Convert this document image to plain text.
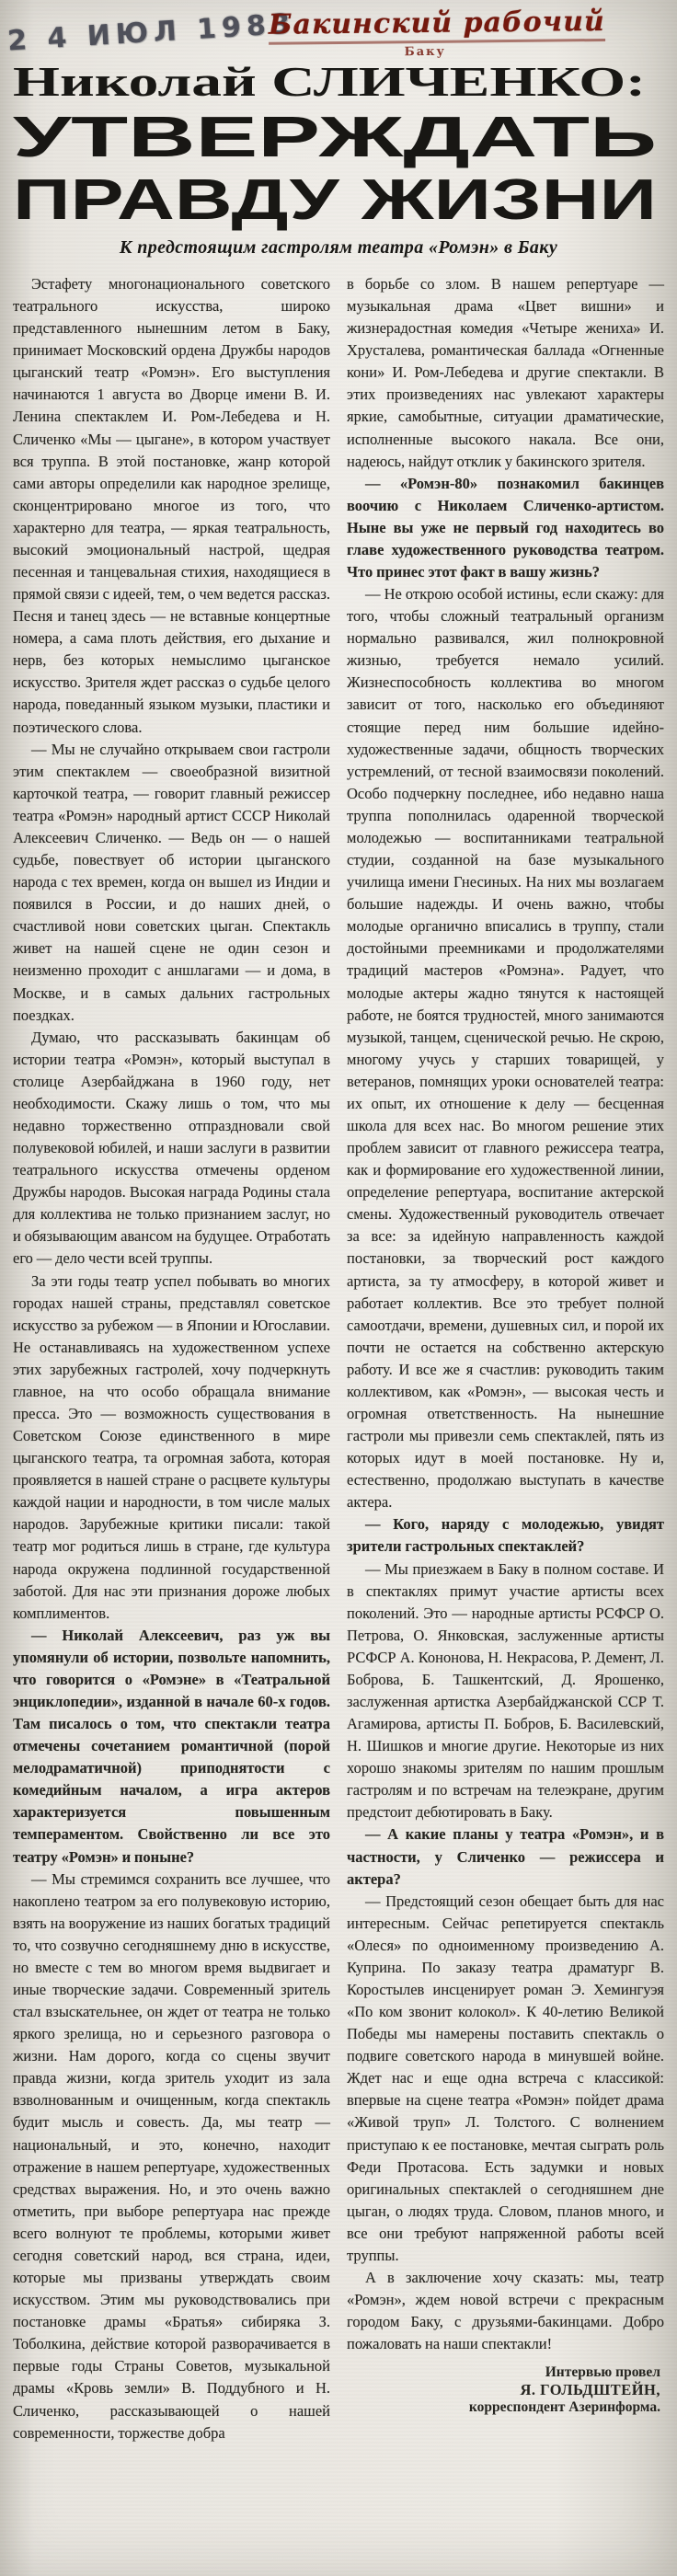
2 4 ИЮЛ 1983
Бакинский рабочий
Баку
Николай СЛИЧЕНКО:
УТВЕРЖДАТЬ
ПРАВДУ ЖИЗНИ
К предстоящим гастролям театра «Ромэн» в Баку

Эстафету многонационального советского театрального искусства, широко представленного нынешним летом в Баку, принимает Московский ордена Дружбы народов цыганский театр «Ромэн». Его выступления начинаются 1 августа во Дворце имени В. И. Ленина спектаклем И. Ром-Лебедева и Н. Сличенко «Мы — цыгане», в котором участвует вся труппа. В этой постановке, жанр которой сами авторы определили как народное зрелище, сконцентрировано многое из того, что характерно для театра, — яркая театральность, высокий эмоциональный настрой, щедрая песенная и танцевальная стихия, находящиеся в прямой связи с идеей, тем, о чем ведется рассказ. Песня и танец здесь — не вставные концертные номера, а сама плоть действия, его дыхание и нерв, без которых немыслимо цыганское искусство. Зрителя ждет рассказ о судьбе целого народа, поведанный языком музыки, пластики и поэтического слова.

— Мы не случайно открываем свои гастроли этим спектаклем — своеобразной визитной карточкой театра, — говорит главный режиссер театра «Ромэн» народный артист СССР Николай Алексеевич Сличенко. — Ведь он — о нашей судьбе, повествует об истории цыганского народа с тех времен, когда он вышел из Индии и появился в России, и до наших дней, о счастливой нови советских цыган. Спектакль живет на нашей сцене не один сезон и неизменно проходит с аншлагами — и дома, в Москве, и в самых дальних гастрольных поездках.

Думаю, что рассказывать бакинцам об истории театра «Ромэн», который выступал в столице Азербайджана в 1960 году, нет необходимости. Скажу лишь о том, что мы недавно торжественно отпраздновали свой полувековой юбилей, и наши заслуги в развитии театрального искусства отмечены орденом Дружбы народов. Высокая награда Родины стала для коллектива не только признанием заслуг, но и обязывающим авансом на будущее. Отработать его — дело чести всей труппы.

За эти годы театр успел побывать во многих городах нашей страны, представлял советское искусство за рубежом — в Японии и Югославии. Не останавливаясь на художественном успехе этих зарубежных гастролей, хочу подчеркнуть главное, на что особо обращала внимание пресса. Это — возможность существования в Советском Союзе единственного в мире цыганского театра, та огромная забота, которая проявляется в нашей стране о расцвете культуры каждой нации и народности, в том числе малых народов. Зарубежные критики писали: такой театр мог родиться лишь в стране, где культура народа окружена подлинной государственной заботой. Для нас эти признания дороже любых комплиментов.

— Николай Алексеевич, раз уж вы упомянули об истории, позвольте напомнить, что говорится о «Ромэне» в «Театральной энциклопедии», изданной в начале 60-х годов. Там писалось о том, что спектакли театра отмечены сочетанием романтичной (порой мелодраматичной) приподнятости с комедийным началом, а игра актеров характеризуется повышенным темпераментом. Свойственно ли все это театру «Ромэн» и поныне?

— Мы стремимся сохранить все лучшее, что накоплено театром за его полувековую историю, взять на вооружение из наших богатых традиций то, что созвучно сегодняшнему дню в искусстве, но вместе с тем во многом время выдвигает и иные творческие задачи. Современный зритель стал взыскательнее, он ждет от театра не только яркого зрелища, но и серьезного разговора о жизни. Нам дорого, когда со сцены звучит правда жизни, когда зритель уходит из зала взволнованным и очищенным, когда спектакль будит мысль и совесть. Да, мы театр — национальный, и это, конечно, находит отражение в нашем репертуаре, художественных средствах выражения. Но, и это очень важно отметить, при выборе репертуара нас прежде всего волнуют те проблемы, которыми живет сегодня советский народ, вся страна, идеи, которые мы призваны утверждать своим искусством. Этим мы руководствовались при постановке драмы «Братья» сибиряка З. Тоболкина, действие которой разворачивается в первые годы Страны Советов, музыкальной драмы «Кровь земли» В. Поддубного и Н. Сличенко, рассказывающей о нашей современности, торжестве добра

в борьбе со злом. В нашем репертуаре — музыкальная драма «Цвет вишни» и жизнерадостная комедия «Четыре жениха» И. Хрусталева, романтическая баллада «Огненные кони» И. Ром-Лебедева и другие спектакли. В этих произведениях нас увлекают характеры яркие, самобытные, ситуации драматические, исполненные высокого накала. Все они, надеюсь, найдут отклик у бакинского зрителя.

— «Ромэн-80» познакомил бакинцев воочию с Николаем Сличенко-артистом. Ныне вы уже не первый год находитесь во главе художественного руководства театром. Что принес этот факт в вашу жизнь?

— Не открою особой истины, если скажу: для того, чтобы сложный театральный организм нормально развивался, жил полнокровной жизнью, требуется немало усилий. Жизнеспособность коллектива во многом зависит от того, насколько его объединяют стоящие перед ним большие идейно-художественные задачи, общность творческих устремлений, от тесной взаимосвязи поколений. Особо подчеркну последнее, ибо недавно наша труппа пополнилась одаренной творческой молодежью — воспитанниками театральной студии, созданной на базе музыкального училища имени Гнесиных. На них мы возлагаем большие надежды. И очень важно, чтобы молодые органично вписались в труппу, стали достойными преемниками и продолжателями традиций мастеров «Ромэна». Радует, что молодые актеры жадно тянутся к настоящей работе, не боятся трудностей, много занимаются музыкой, танцем, сценической речью. Не скрою, многому учусь у старших товарищей, у ветеранов, помнящих уроки основателей театра: их опыт, их отношение к делу — бесценная школа для всех нас. Во многом решение этих проблем зависит от главного режиссера театра, как и формирование его художественной линии, определение репертуара, воспитание актерской смены. Художественный руководитель отвечает за все: за идейную направленность каждой постановки, за творческий рост каждого артиста, за ту атмосферу, в которой живет и работает коллектив. Все это требует полной самоотдачи, времени, душевных сил, и порой их почти не остается на собственно актерскую работу. И все же я счастлив: руководить таким коллективом, как «Ромэн», — высокая честь и огромная ответственность. На нынешние гастроли мы привезли семь спектаклей, пять из которых идут в моей постановке. Ну и, естественно, продолжаю выступать в качестве актера.

— Кого, наряду с молодежью, увидят зрители гастрольных спектаклей?

— Мы приезжаем в Баку в полном составе. И в спектаклях примут участие артисты всех поколений. Это — народные артисты РСФСР О. Петрова, О. Янковская, заслуженные артисты РСФСР А. Кононова, Н. Некрасова, Р. Демент, Л. Боброва, Б. Ташкентский, Д. Ярошенко, заслуженная артистка Азербайджанской ССР Т. Агамирова, артисты П. Бобров, Б. Василевский, Н. Шишков и многие другие. Некоторые из них хорошо знакомы зрителям по нашим прошлым гастролям и по встречам на телеэкране, другим предстоит дебютировать в Баку.

— А какие планы у театра «Ромэн», и в частности, у Сличенко — режиссера и актера?

— Предстоящий сезон обещает быть для нас интересным. Сейчас репетируется спектакль «Олеся» по одноименному произведению А. Куприна. По заказу театра драматург В. Коростылев инсценирует роман Э. Хемингуэя «По ком звонит колокол». К 40-летию Великой Победы мы намерены поставить спектакль о подвиге советского народа в минувшей войне. Ждет нас и еще одна встреча с классикой: впервые на сцене театра «Ромэн» пойдет драма «Живой труп» Л. Толстого. С волнением приступаю к ее постановке, мечтая сыграть роль Феди Протасова. Есть задумки и новых оригинальных спектаклей о сегодняшнем дне цыган, о людях труда. Словом, планов много, и все они требуют напряженной работы всей труппы.

А в заключение хочу сказать: мы, театр «Ромэн», ждем новой встречи с прекрасным городом Баку, с друзьями-бакинцами. Добро пожаловать на наши спектакли!

Интервью провел
Я. ГОЛЬДШТЕЙН,
корреспондент Азеринформа.
